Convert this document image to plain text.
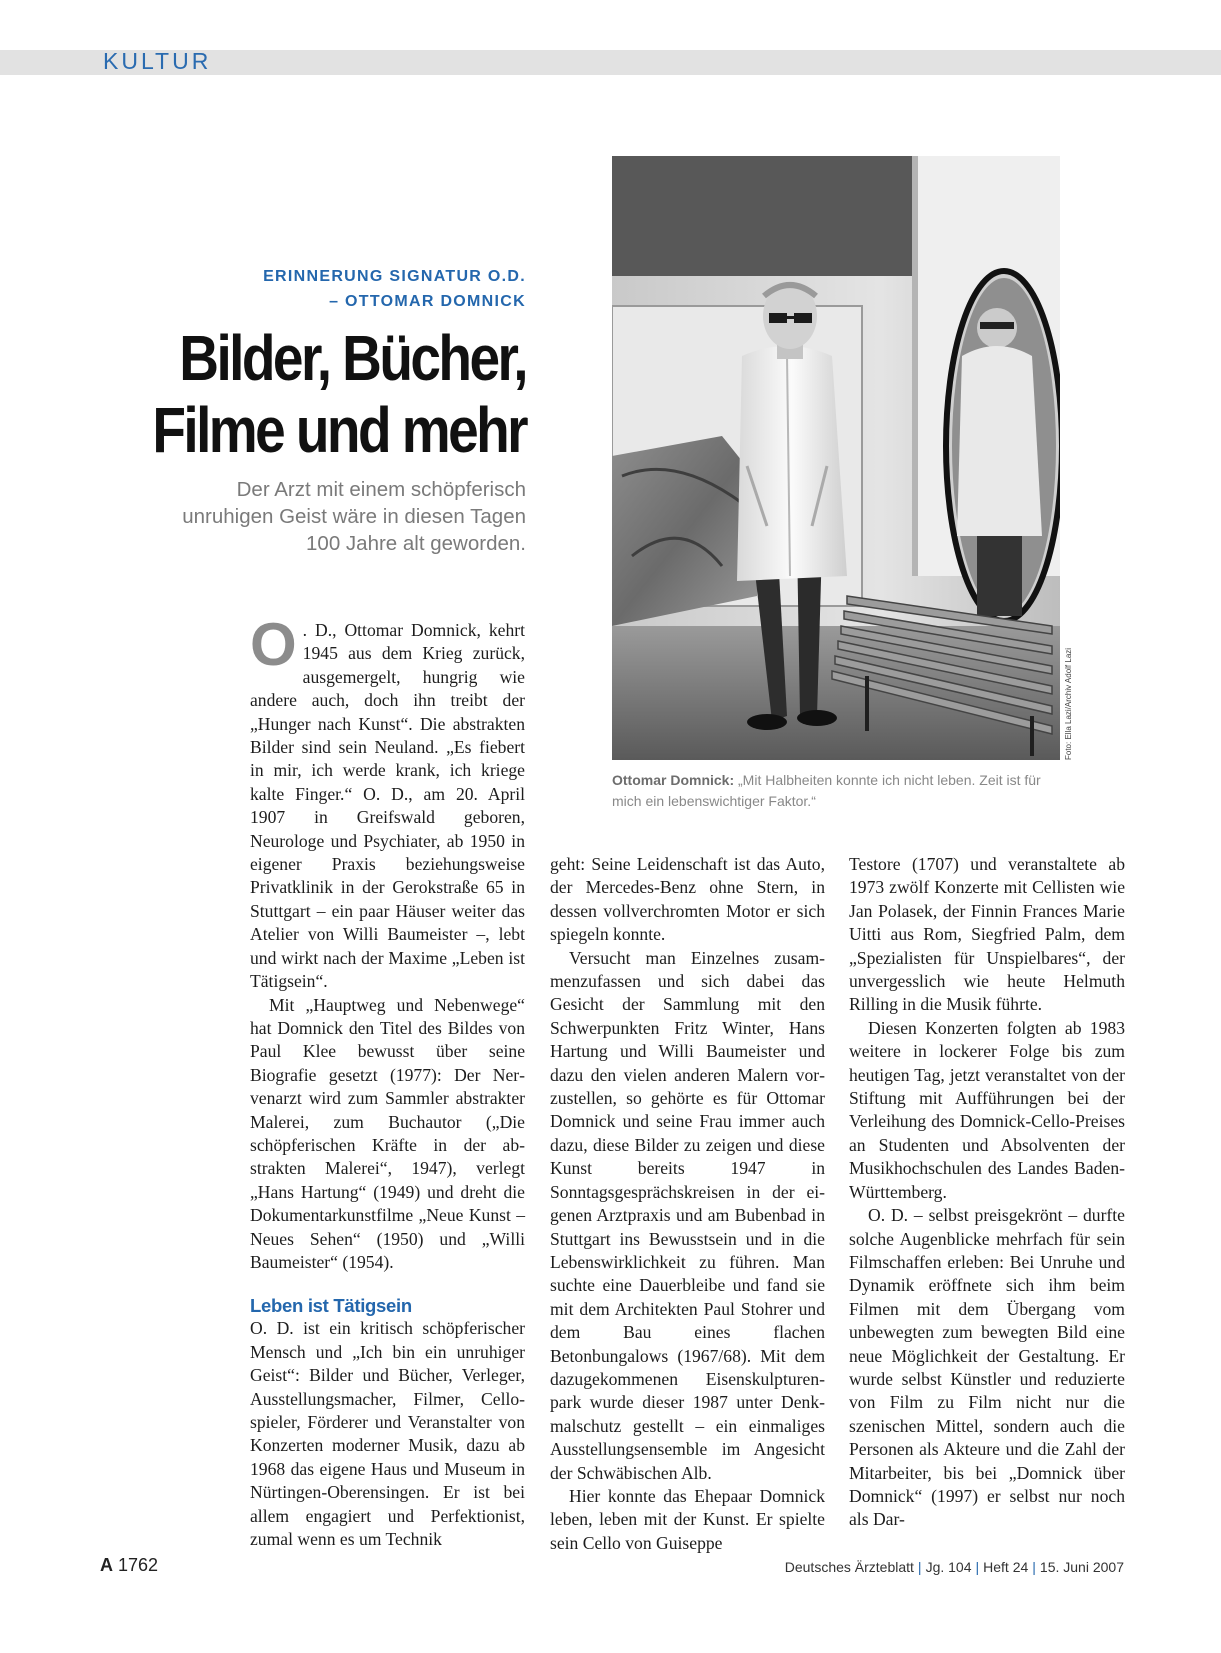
KULTUR
ERINNERUNG SIGNATUR O.D.
– OTTOMAR DOMNICK
Bilder, Bücher,
Filme und mehr
Der Arzt mit einem schöpferisch
unruhigen Geist wäre in diesen Tagen
100 Jahre alt geworden.
Foto: Ella Lazi/Archiv Adolf Lazi
Ottomar Domnick: „Mit Halbheiten konnte ich nicht leben. Zeit ist für mich ein lebenswichtiger Faktor.“
O . D., Ottomar Domnick, kehrt 1945 aus dem Krieg zurück, ausgemergelt, hungrig wie andere auch, doch ihn treibt der „Hunger nach Kunst“. Die abstrakten Bilder sind sein Neuland. „Es fiebert in mir, ich werde krank, ich kriege kalte Finger.“ O. D., am 20. April 1907 in Greifswald geboren, Neurologe und Psychiater, ab 1950 in eigener Praxis beziehungsweise Privatklinik in der Gerokstraße 65 in Stuttgart – ein paar Häuser weiter das Atelier von Willi Baumeister –, lebt und wirkt nach der Maxime „Leben ist Tätigsein“.

Mit „Hauptweg und Nebenwege“ hat Domnick den Titel des Bildes von Paul Klee bewusst über seine Biografie gesetzt (1977): Der Nervenarzt wird zum Sammler abstrakter Malerei, zum Buchautor („Die schöpferischen Kräfte in der abstrakten Malerei“, 1947), verlegt „Hans Hartung“ (1949) und dreht die Dokumentarkunstfilme „Neue Kunst – Neues Sehen“ (1950) und „Willi Baumeister“ (1954).

Leben ist Tätigsein

O. D. ist ein kritisch schöpferischer Mensch und „Ich bin ein unruhiger Geist“: Bilder und Bücher, Verleger, Ausstellungsmacher, Filmer, Cellospieler, Förderer und Veranstalter von Konzerten moderner Musik, dazu ab 1968 das eigene Haus und Museum in Nürtingen-Oberensingen. Er ist bei allem engagiert und Perfektionist, zumal wenn es um Technik

geht: Seine Leidenschaft ist das Auto, der Mercedes-Benz ohne Stern, in dessen vollverchromten Motor er sich spiegeln konnte.

Versucht man Einzelnes zusammenzufassen und sich dabei das Gesicht der Sammlung mit den Schwerpunkten Fritz Winter, Hans Hartung und Willi Baumeister und dazu den vielen anderen Malern vorzustellen, so gehörte es für Ottomar Domnick und seine Frau immer auch dazu, diese Bilder zu zeigen und diese Kunst bereits 1947 in Sonntagsgesprächskreisen in der eigenen Arztpraxis und am Bubenbad in Stuttgart ins Bewusstsein und in die Lebenswirklichkeit zu führen. Man suchte eine Dauerbleibe und fand sie mit dem Architekten Paul Stohrer und dem Bau eines flachen Betonbungalows (1967/68). Mit dem dazugekommenen Eisenskulpturenpark wurde dieser 1987 unter Denkmalschutz gestellt – ein einmaliges Ausstellungsensemble im Angesicht der Schwäbischen Alb.

Hier konnte das Ehepaar Domnick leben, leben mit der Kunst. Er spielte sein Cello von Guiseppe

Testore (1707) und veranstaltete ab 1973 zwölf Konzerte mit Cellisten wie Jan Polasek, der Finnin Frances Marie Uitti aus Rom, Siegfried Palm, dem „Spezialisten für Unspielbares“, der unvergesslich wie heute Helmuth Rilling in die Musik führte.

Diesen Konzerten folgten ab 1983 weitere in lockerer Folge bis zum heutigen Tag, jetzt veranstaltet von der Stiftung mit Aufführungen bei der Verleihung des Domnick-Cello-Preises an Studenten und Absolventen der Musikhochschulen des Landes Baden-Württemberg.

O. D. – selbst preisgekrönt – durfte solche Augenblicke mehrfach für sein Filmschaffen erleben: Bei Unruhe und Dynamik eröffnete sich ihm beim Filmen mit dem Übergang vom unbewegten zum bewegten Bild eine neue Möglichkeit der Gestaltung. Er wurde selbst Künstler und reduzierte von Film zu Film nicht nur die szenischen Mittel, sondern auch die Personen als Akteure und die Zahl der Mitarbeiter, bis bei „Domnick über Domnick“ (1997) er selbst nur noch als Dar-

A 1762	Deutsches Ärzteblatt | Jg. 104 | Heft 24 | 15. Juni 2007
